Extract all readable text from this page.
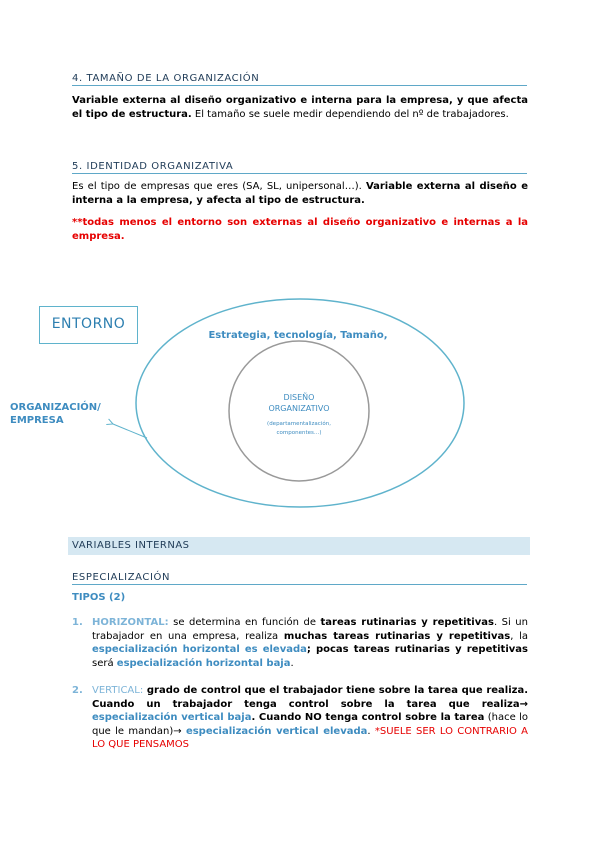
4. TAMAÑO DE LA ORGANIZACIÓN
Variable externa al diseño organizativo e interna para la empresa, y que afecta el tipo de estructura. El tamaño se suele medir dependiendo del nº de trabajadores.
5. IDENTIDAD ORGANIZATIVA
Es el tipo de empresas que eres (SA, SL, unipersonal…). Variable externa al diseño e interna a la empresa, y afecta al tipo de estructura.
**todas menos el entorno son externas al diseño organizativo e internas a la empresa.
ENTORNO
Estrategia, tecnología, Tamaño,
ORGANIZACIÓN/
EMPRESA
DISEÑO
ORGANIZATIVO
(departamentalización,
componentes…)
VARIABLES INTERNAS
ESPECIALIZACIÓN
TIPOS (2)
1. HORIZONTAL: se determina en función de tareas rutinarias y repetitivas. Si un trabajador en una empresa, realiza muchas tareas rutinarias y repetitivas, la especialización horizontal es elevada; pocas tareas rutinarias y repetitivas será especialización horizontal baja.
2. VERTICAL: grado de control que el trabajador tiene sobre la tarea que realiza. Cuando un trabajador tenga control sobre la tarea que realiza→ especialización vertical baja. Cuando NO tenga control sobre la tarea (hace lo que le mandan)→ especialización vertical elevada. *SUELE SER LO CONTRARIO A LO QUE PENSAMOS
